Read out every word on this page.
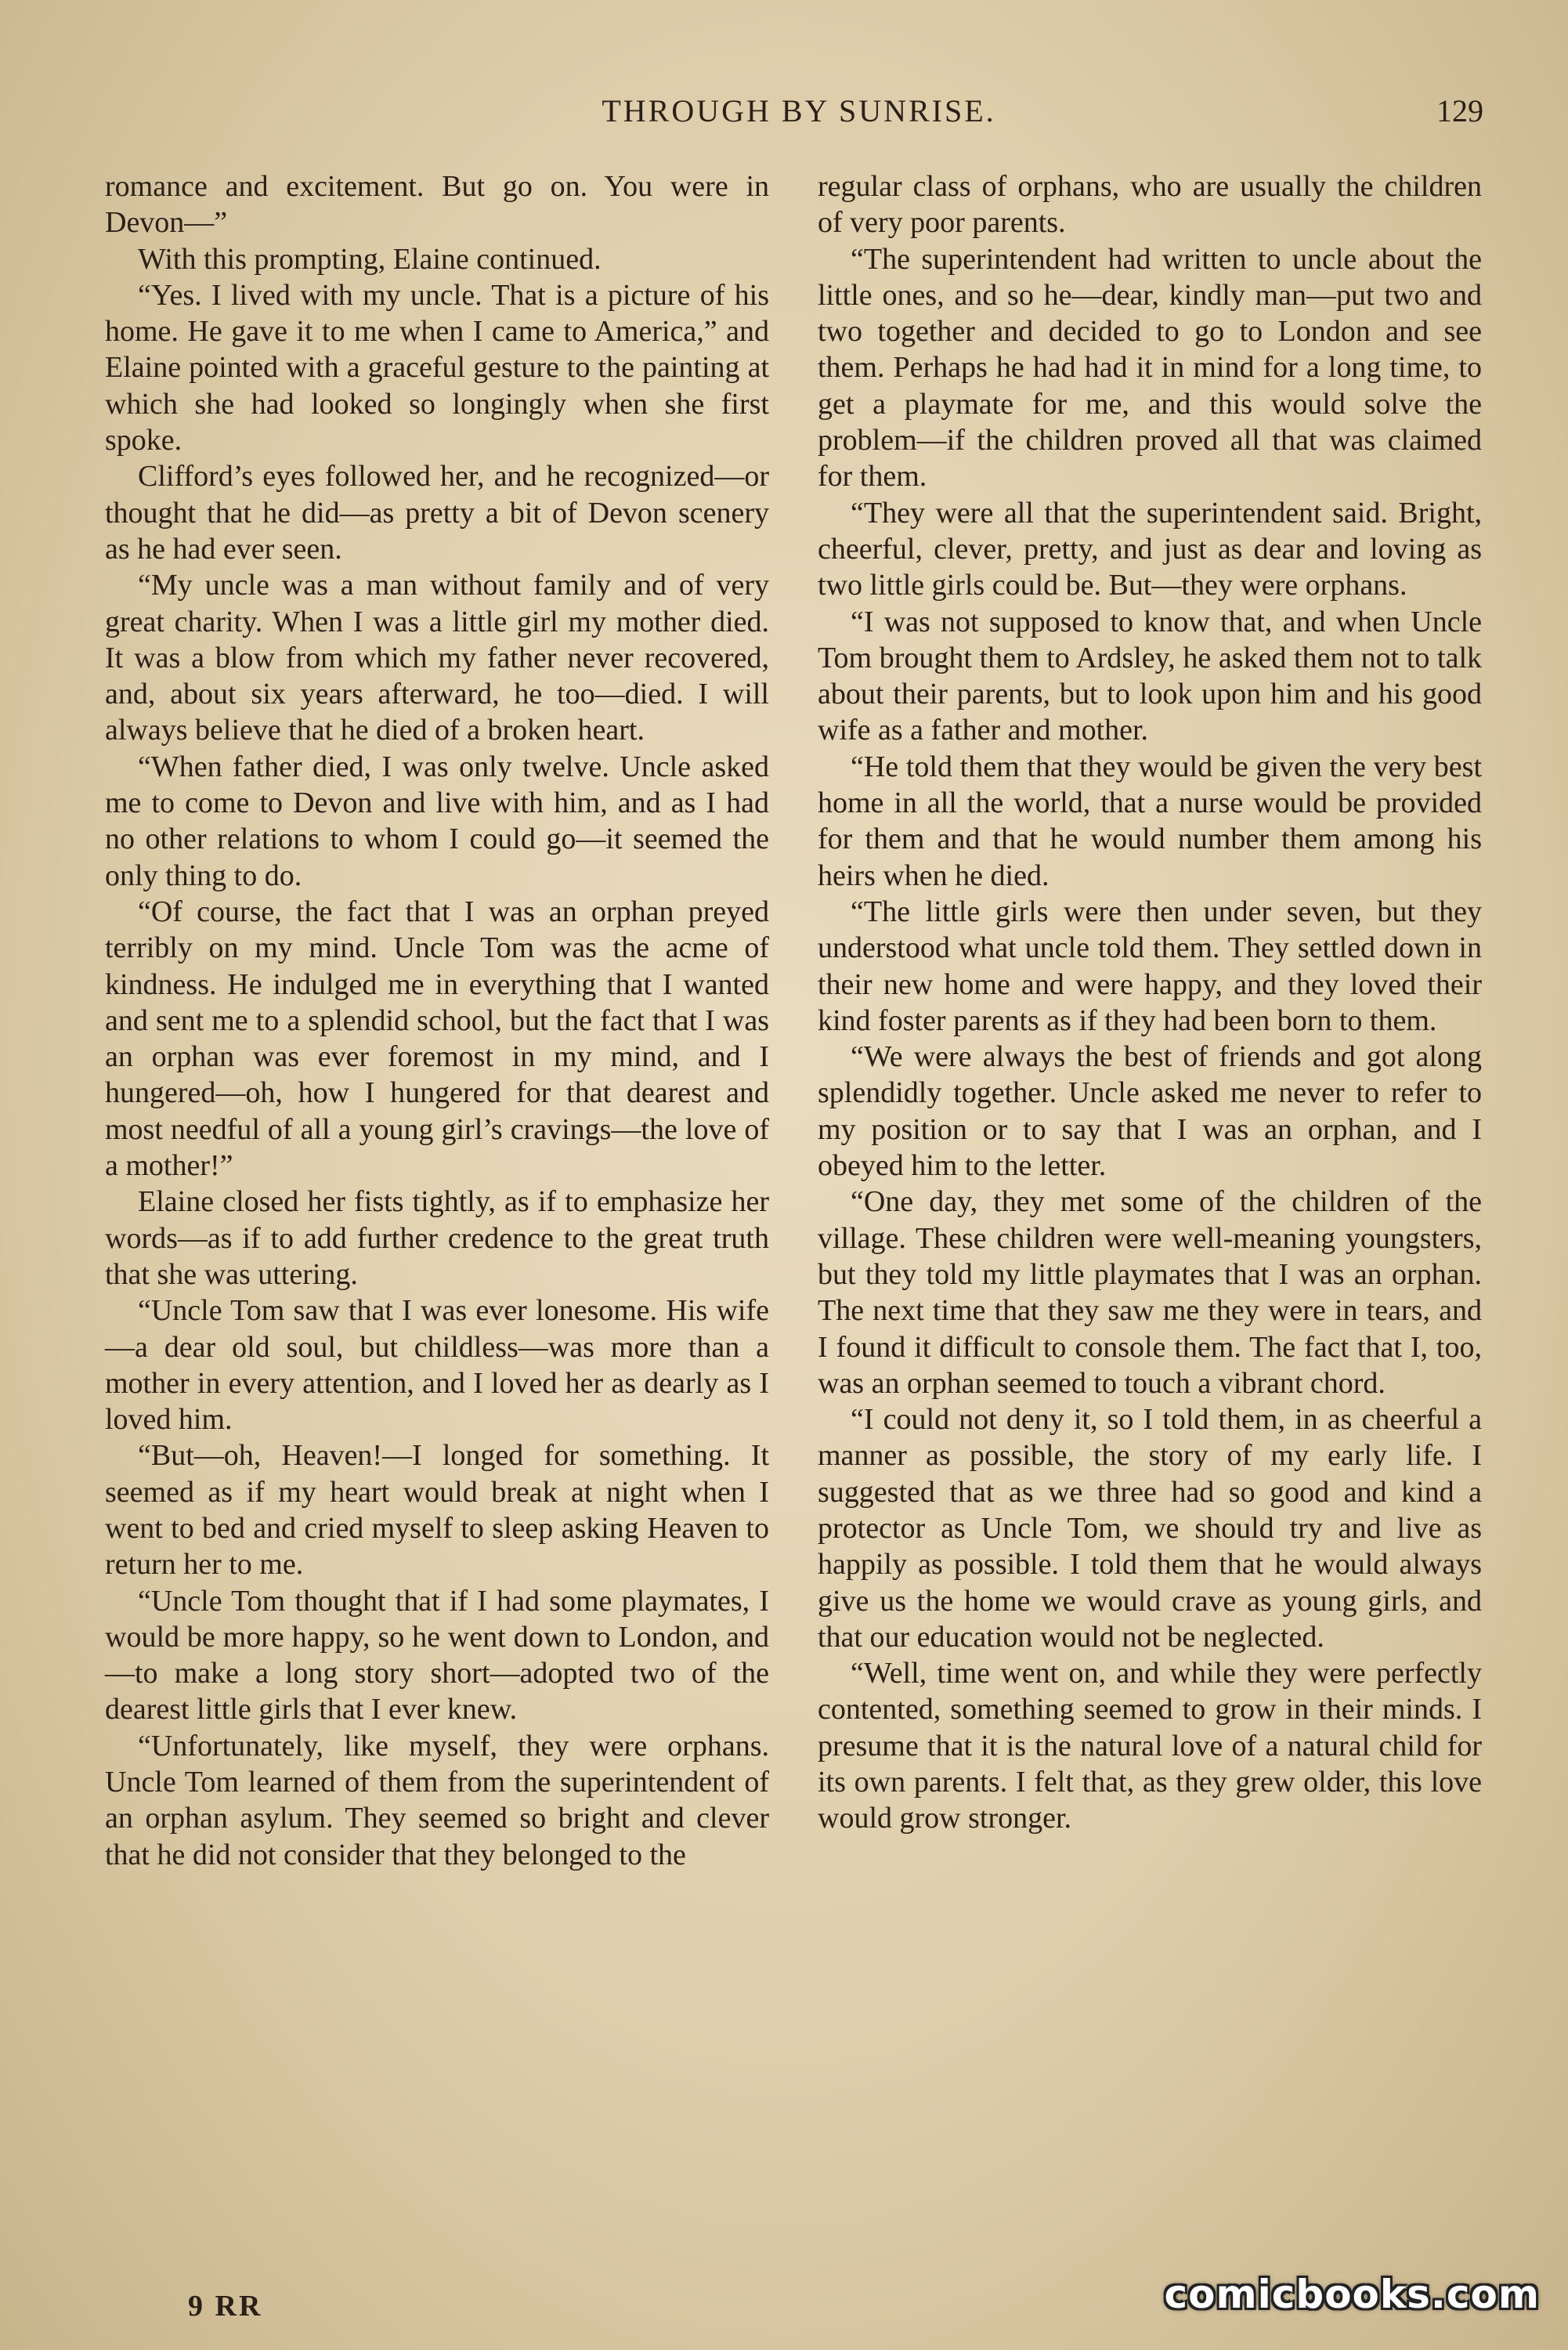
THROUGH BY SUNRISE.	129

romance and excitement. But go on. You were in Devon—”

With this prompting, Elaine continued.

“Yes. I lived with my uncle. That is a picture of his home. He gave it to me when I came to America,” and Elaine pointed with a graceful gesture to the painting at which she had looked so longingly when she first spoke.

Clifford’s eyes followed her, and he recognized—or thought that he did—as pretty a bit of Devon scenery as he had ever seen.

“My uncle was a man without family and of very great charity. When I was a little girl my mother died. It was a blow from which my father never recovered, and, about six years afterward, he too—died. I will always believe that he died of a broken heart.

“When father died, I was only twelve. Uncle asked me to come to Devon and live with him, and as I had no other relations to whom I could go—it seemed the only thing to do.

“Of course, the fact that I was an orphan preyed terribly on my mind. Uncle Tom was the acme of kindness. He indulged me in everything that I wanted and sent me to a splendid school, but the fact that I was an orphan was ever foremost in my mind, and I hungered—oh, how I hungered for that dearest and most needful of all a young girl’s cravings—the love of a mother!”

Elaine closed her fists tightly, as if to emphasize her words—as if to add further credence to the great truth that she was uttering.

“Uncle Tom saw that I was ever lonesome. His wife—a dear old soul, but childless—was more than a mother in every attention, and I loved her as dearly as I loved him.

“But—oh, Heaven!—I longed for something. It seemed as if my heart would break at night when I went to bed and cried myself to sleep asking Heaven to return her to me.

“Uncle Tom thought that if I had some playmates, I would be more happy, so he went down to London, and—to make a long story short—adopted two of the dearest little girls that I ever knew.

“Unfortunately, like myself, they were orphans. Uncle Tom learned of them from the superintendent of an orphan asylum. They seemed so bright and clever that he did not consider that they belonged to the

regular class of orphans, who are usually the children of very poor parents.

“The superintendent had written to uncle about the little ones, and so he—dear, kindly man—put two and two together and decided to go to London and see them. Perhaps he had had it in mind for a long time, to get a playmate for me, and this would solve the problem—if the children proved all that was claimed for them.

“They were all that the superintendent said. Bright, cheerful, clever, pretty, and just as dear and loving as two little girls could be. But—they were orphans.

“I was not supposed to know that, and when Uncle Tom brought them to Ardsley, he asked them not to talk about their parents, but to look upon him and his good wife as a father and mother.

“He told them that they would be given the very best home in all the world, that a nurse would be provided for them and that he would number them among his heirs when he died.

“The little girls were then under seven, but they understood what uncle told them. They settled down in their new home and were happy, and they loved their kind foster parents as if they had been born to them.

“We were always the best of friends and got along splendidly together. Uncle asked me never to refer to my position or to say that I was an orphan, and I obeyed him to the letter.

“One day, they met some of the children of the village. These children were well-meaning youngsters, but they told my little playmates that I was an orphan. The next time that they saw me they were in tears, and I found it difficult to console them. The fact that I, too, was an orphan seemed to touch a vibrant chord.

“I could not deny it, so I told them, in as cheerful a manner as possible, the story of my early life. I suggested that as we three had so good and kind a protector as Uncle Tom, we should try and live as happily as possible. I told them that he would always give us the home we would crave as young girls, and that our education would not be neglected.

“Well, time went on, and while they were perfectly contented, something seemed to grow in their minds. I presume that it is the natural love of a natural child for its own parents. I felt that, as they grew older, this love would grow stronger.

9 RR	comicbooks.com
